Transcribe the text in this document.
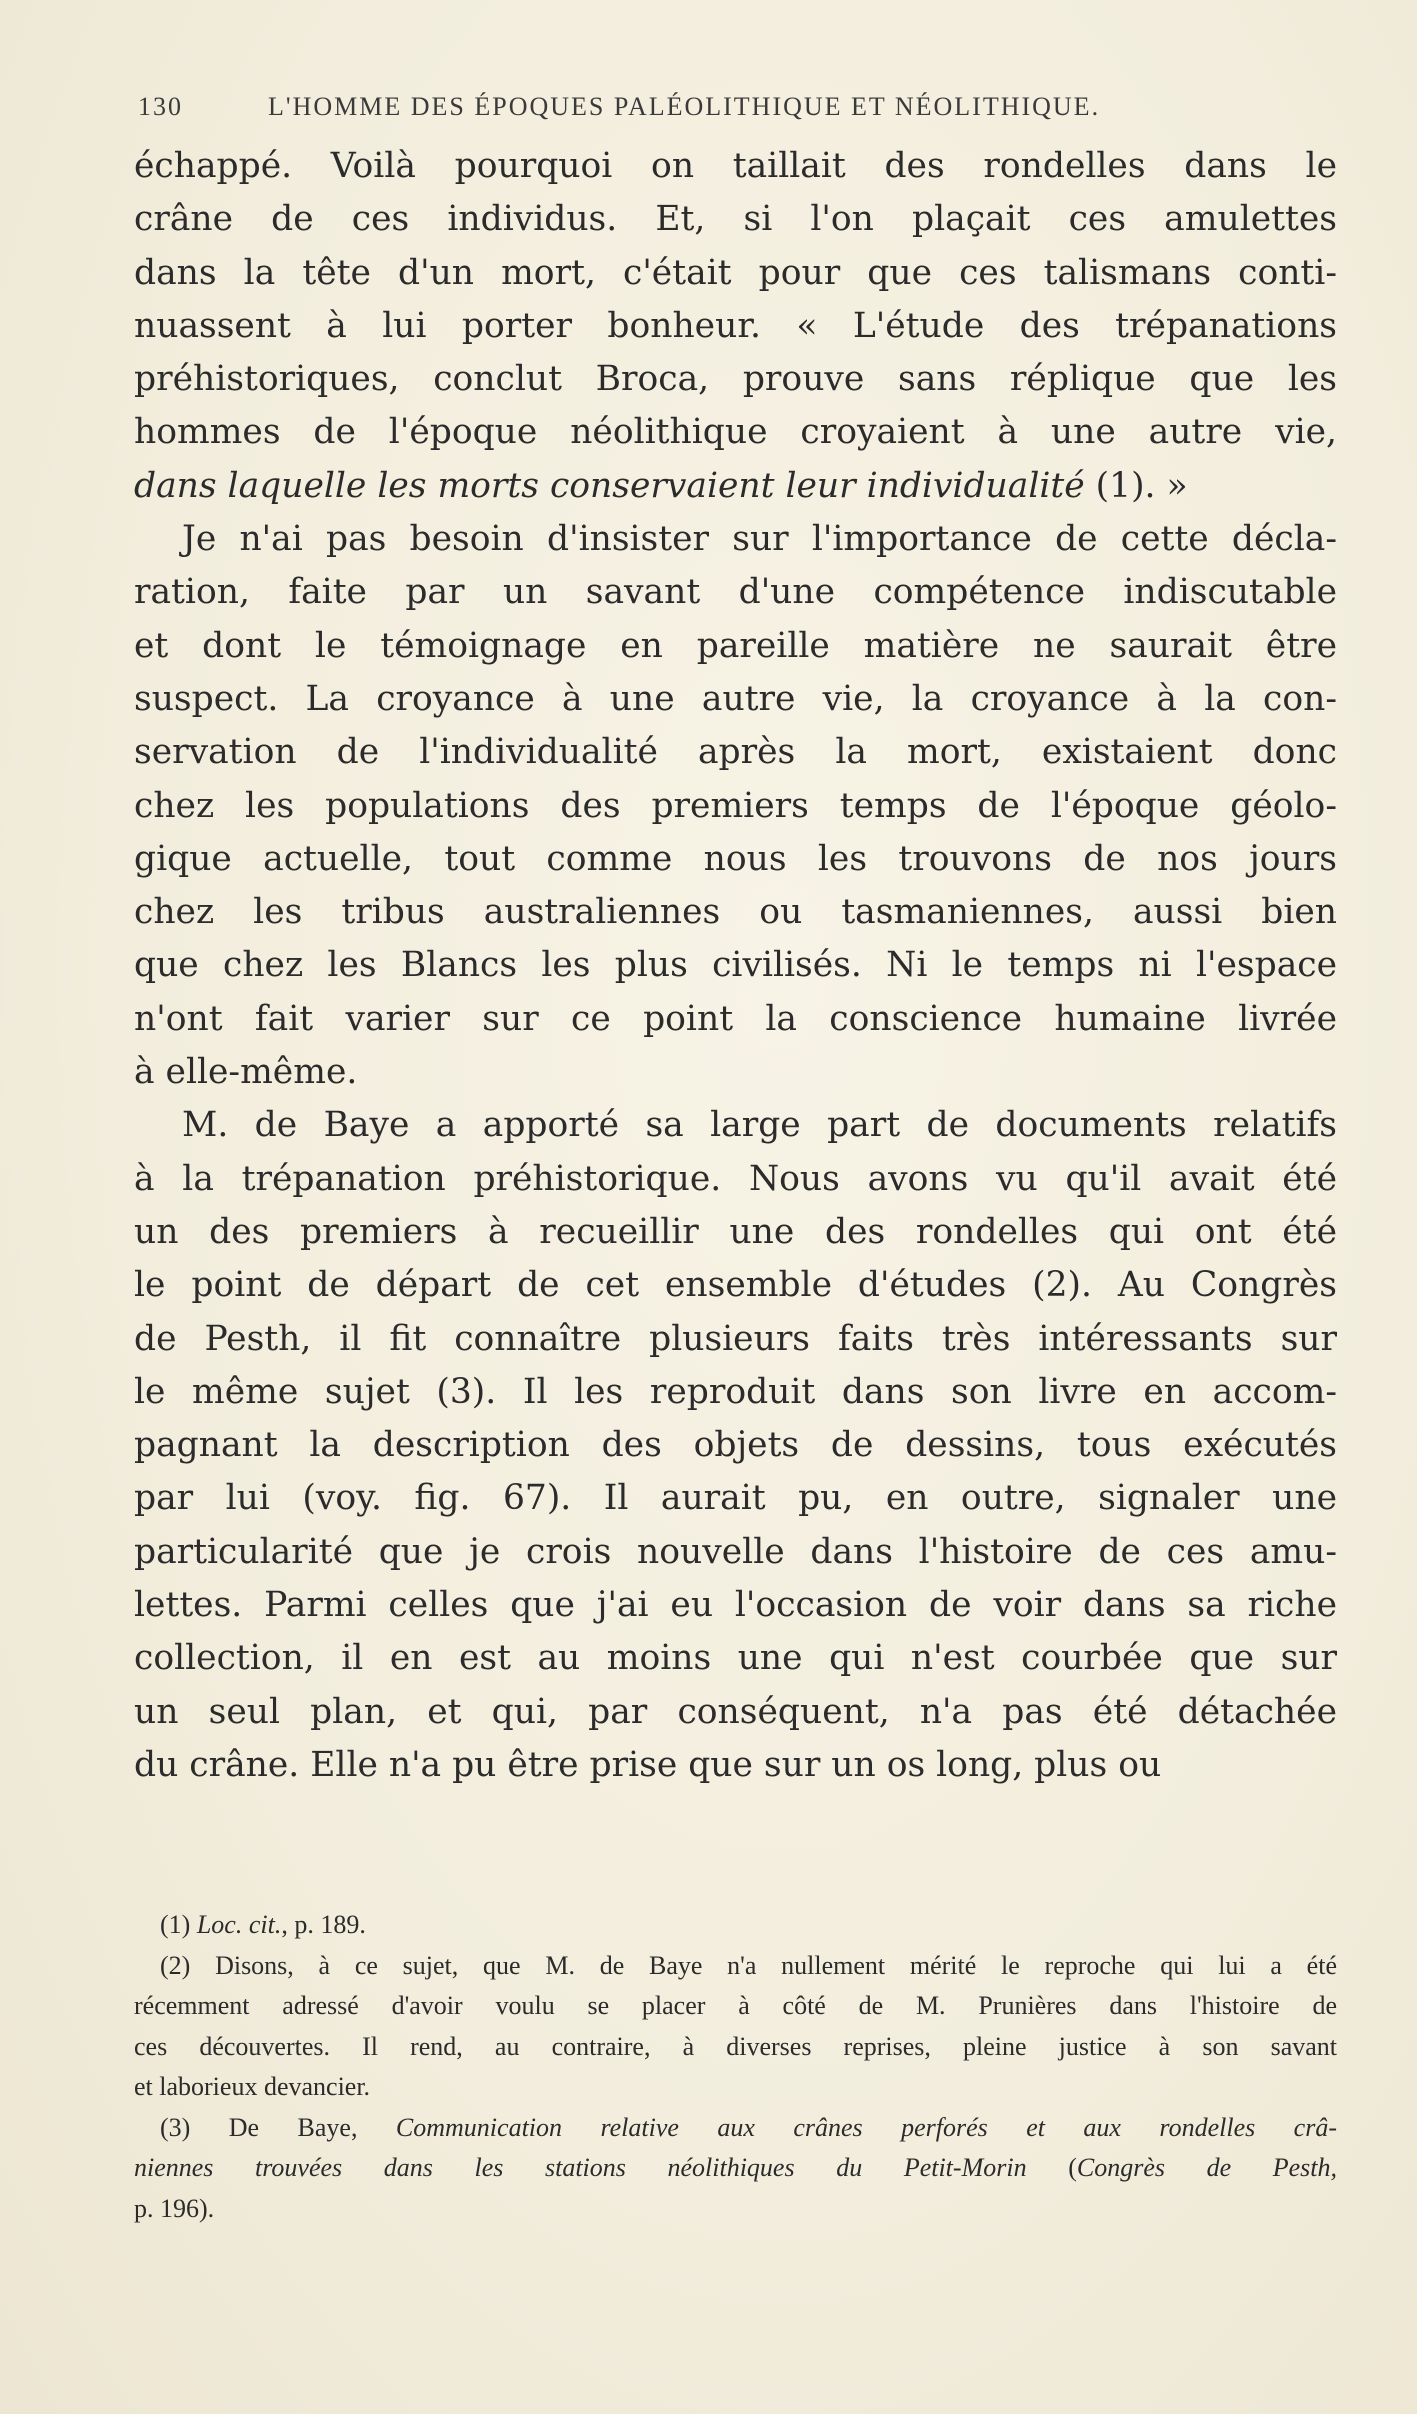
130	L'HOMME DES ÉPOQUES PALÉOLITHIQUE ET NÉOLITHIQUE.
échappé. Voilà pourquoi on taillait des rondelles dans le
crâne de ces individus. Et, si l'on plaçait ces amulettes
dans la tête d'un mort, c'était pour que ces talismans conti-
nuassent à lui porter bonheur. « L'étude des trépanations
préhistoriques, conclut Broca, prouve sans réplique que les
hommes de l'époque néolithique croyaient à une autre vie,
dans laquelle les morts conservaient leur individualité (1). »
Je n'ai pas besoin d'insister sur l'importance de cette décla-
ration, faite par un savant d'une compétence indiscutable
et dont le témoignage en pareille matière ne saurait être
suspect. La croyance à une autre vie, la croyance à la con-
servation de l'individualité après la mort, existaient donc
chez les populations des premiers temps de l'époque géolo-
gique actuelle, tout comme nous les trouvons de nos jours
chez les tribus australiennes ou tasmaniennes, aussi bien
que chez les Blancs les plus civilisés. Ni le temps ni l'espace
n'ont fait varier sur ce point la conscience humaine livrée
à elle-même.
M. de Baye a apporté sa large part de documents relatifs
à la trépanation préhistorique. Nous avons vu qu'il avait été
un des premiers à recueillir une des rondelles qui ont été
le point de départ de cet ensemble d'études (2). Au Congrès
de Pesth, il fit connaître plusieurs faits très intéressants sur
le même sujet (3). Il les reproduit dans son livre en accom-
pagnant la description des objets de dessins, tous exécutés
par lui (voy. fig. 67). Il aurait pu, en outre, signaler une
particularité que je crois nouvelle dans l'histoire de ces amu-
lettes. Parmi celles que j'ai eu l'occasion de voir dans sa riche
collection, il en est au moins une qui n'est courbée que sur
un seul plan, et qui, par conséquent, n'a pas été détachée
du crâne. Elle n'a pu être prise que sur un os long, plus ou
(1) Loc. cit., p. 189.
(2) Disons, à ce sujet, que M. de Baye n'a nullement mérité le reproche qui lui a été
récemment adressé d'avoir voulu se placer à côté de M. Prunières dans l'histoire de
ces découvertes. Il rend, au contraire, à diverses reprises, pleine justice à son savant
et laborieux devancier.
(3) De Baye, Communication relative aux crânes perforés et aux rondelles crâ-
niennes trouvées dans les stations néolithiques du Petit-Morin (Congrès de Pesth,
p. 196).
